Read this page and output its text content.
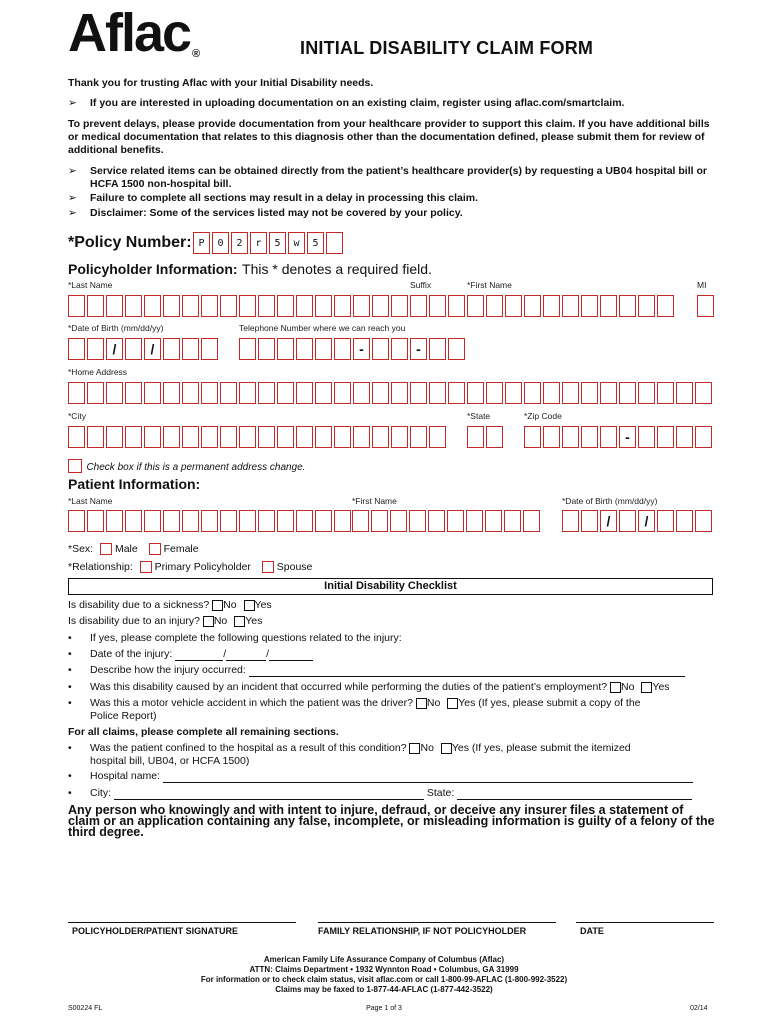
Aflac ®	INITIAL DISABILITY CLAIM FORM
Thank you for trusting Aflac with your Initial Disability needs.
➢ If you are interested in uploading documentation on an existing claim, register using aflac.com/smartclaim.
To prevent delays, please provide documentation from your healthcare provider to support this claim. If you have additional bills or medical documentation that relates to this diagnosis other than the documentation defined, please submit them for review of additional benefits.
➢	Service related items can be obtained directly from the patient’s healthcare provider(s) by requesting a UB04 hospital bill or HCFA 1500 non-hospital bill.
➢ Failure to complete all sections may result in a delay in processing this claim.
➢ Disclaimer: Some of the services listed may not be covered by your policy.
*Policy Number: P	0	2	r	5	w	5
Policyholder Information: This * denotes a required field.
*Last Name	Suffix	*First Name	MI
*Date of Birth (mm/dd/yy)	Telephone Number where we can reach you
/ /	-	-
*Home Address
*City	*State	*Zip Code
-
Check box if this is a permanent address change.
Patient Information:
*Last Name	*First Name	*Date of Birth (mm/dd/yy)
/ /
*Sex: Male Female
*Relationship: Primary Policyholder Spouse
Initial Disability Checklist
Is disability due to a sickness? No Yes
Is disability due to an injury? No Yes
• If yes, please complete the following questions related to the injury:
• Date of the injury:	/	/
• Describe how the injury occurred:
• Was this disability caused by an incident that occurred while performing the duties of the patient’s employment? No Yes
• Was this a motor vehicle accident in which the patient was the driver? No Yes (If yes, please submit a copy of the
Police Report)
For all claims, please complete all remaining sections.
• Was the patient confined to the hospital as a result of this condition? No Yes (If yes, please submit the itemized
hospital bill, UB04, or HCFA 1500)
• Hospital name:
• City:	State:
Any person who knowingly and with intent to injure, defraud, or deceive any insurer files a statement of claim or an application containing any false, incomplete, or misleading information is guilty of a felony of the third degree.
POLICYHOLDER/PATIENT SIGNATURE	FAMILY RELATIONSHIP, IF NOT POLICYHOLDER	DATE
American Family Life Assurance Company of Columbus (Aflac)
ATTN: Claims Department • 1932 Wynnton Road • Columbus, GA 31999
For information or to check claim status, visit aflac.com or call 1-800-99-AFLAC (1-800-992-3522)
Claims may be faxed to 1-877-44-AFLAC (1-877-442-3522)
S00224 FL	Page 1 of 3	02/14
